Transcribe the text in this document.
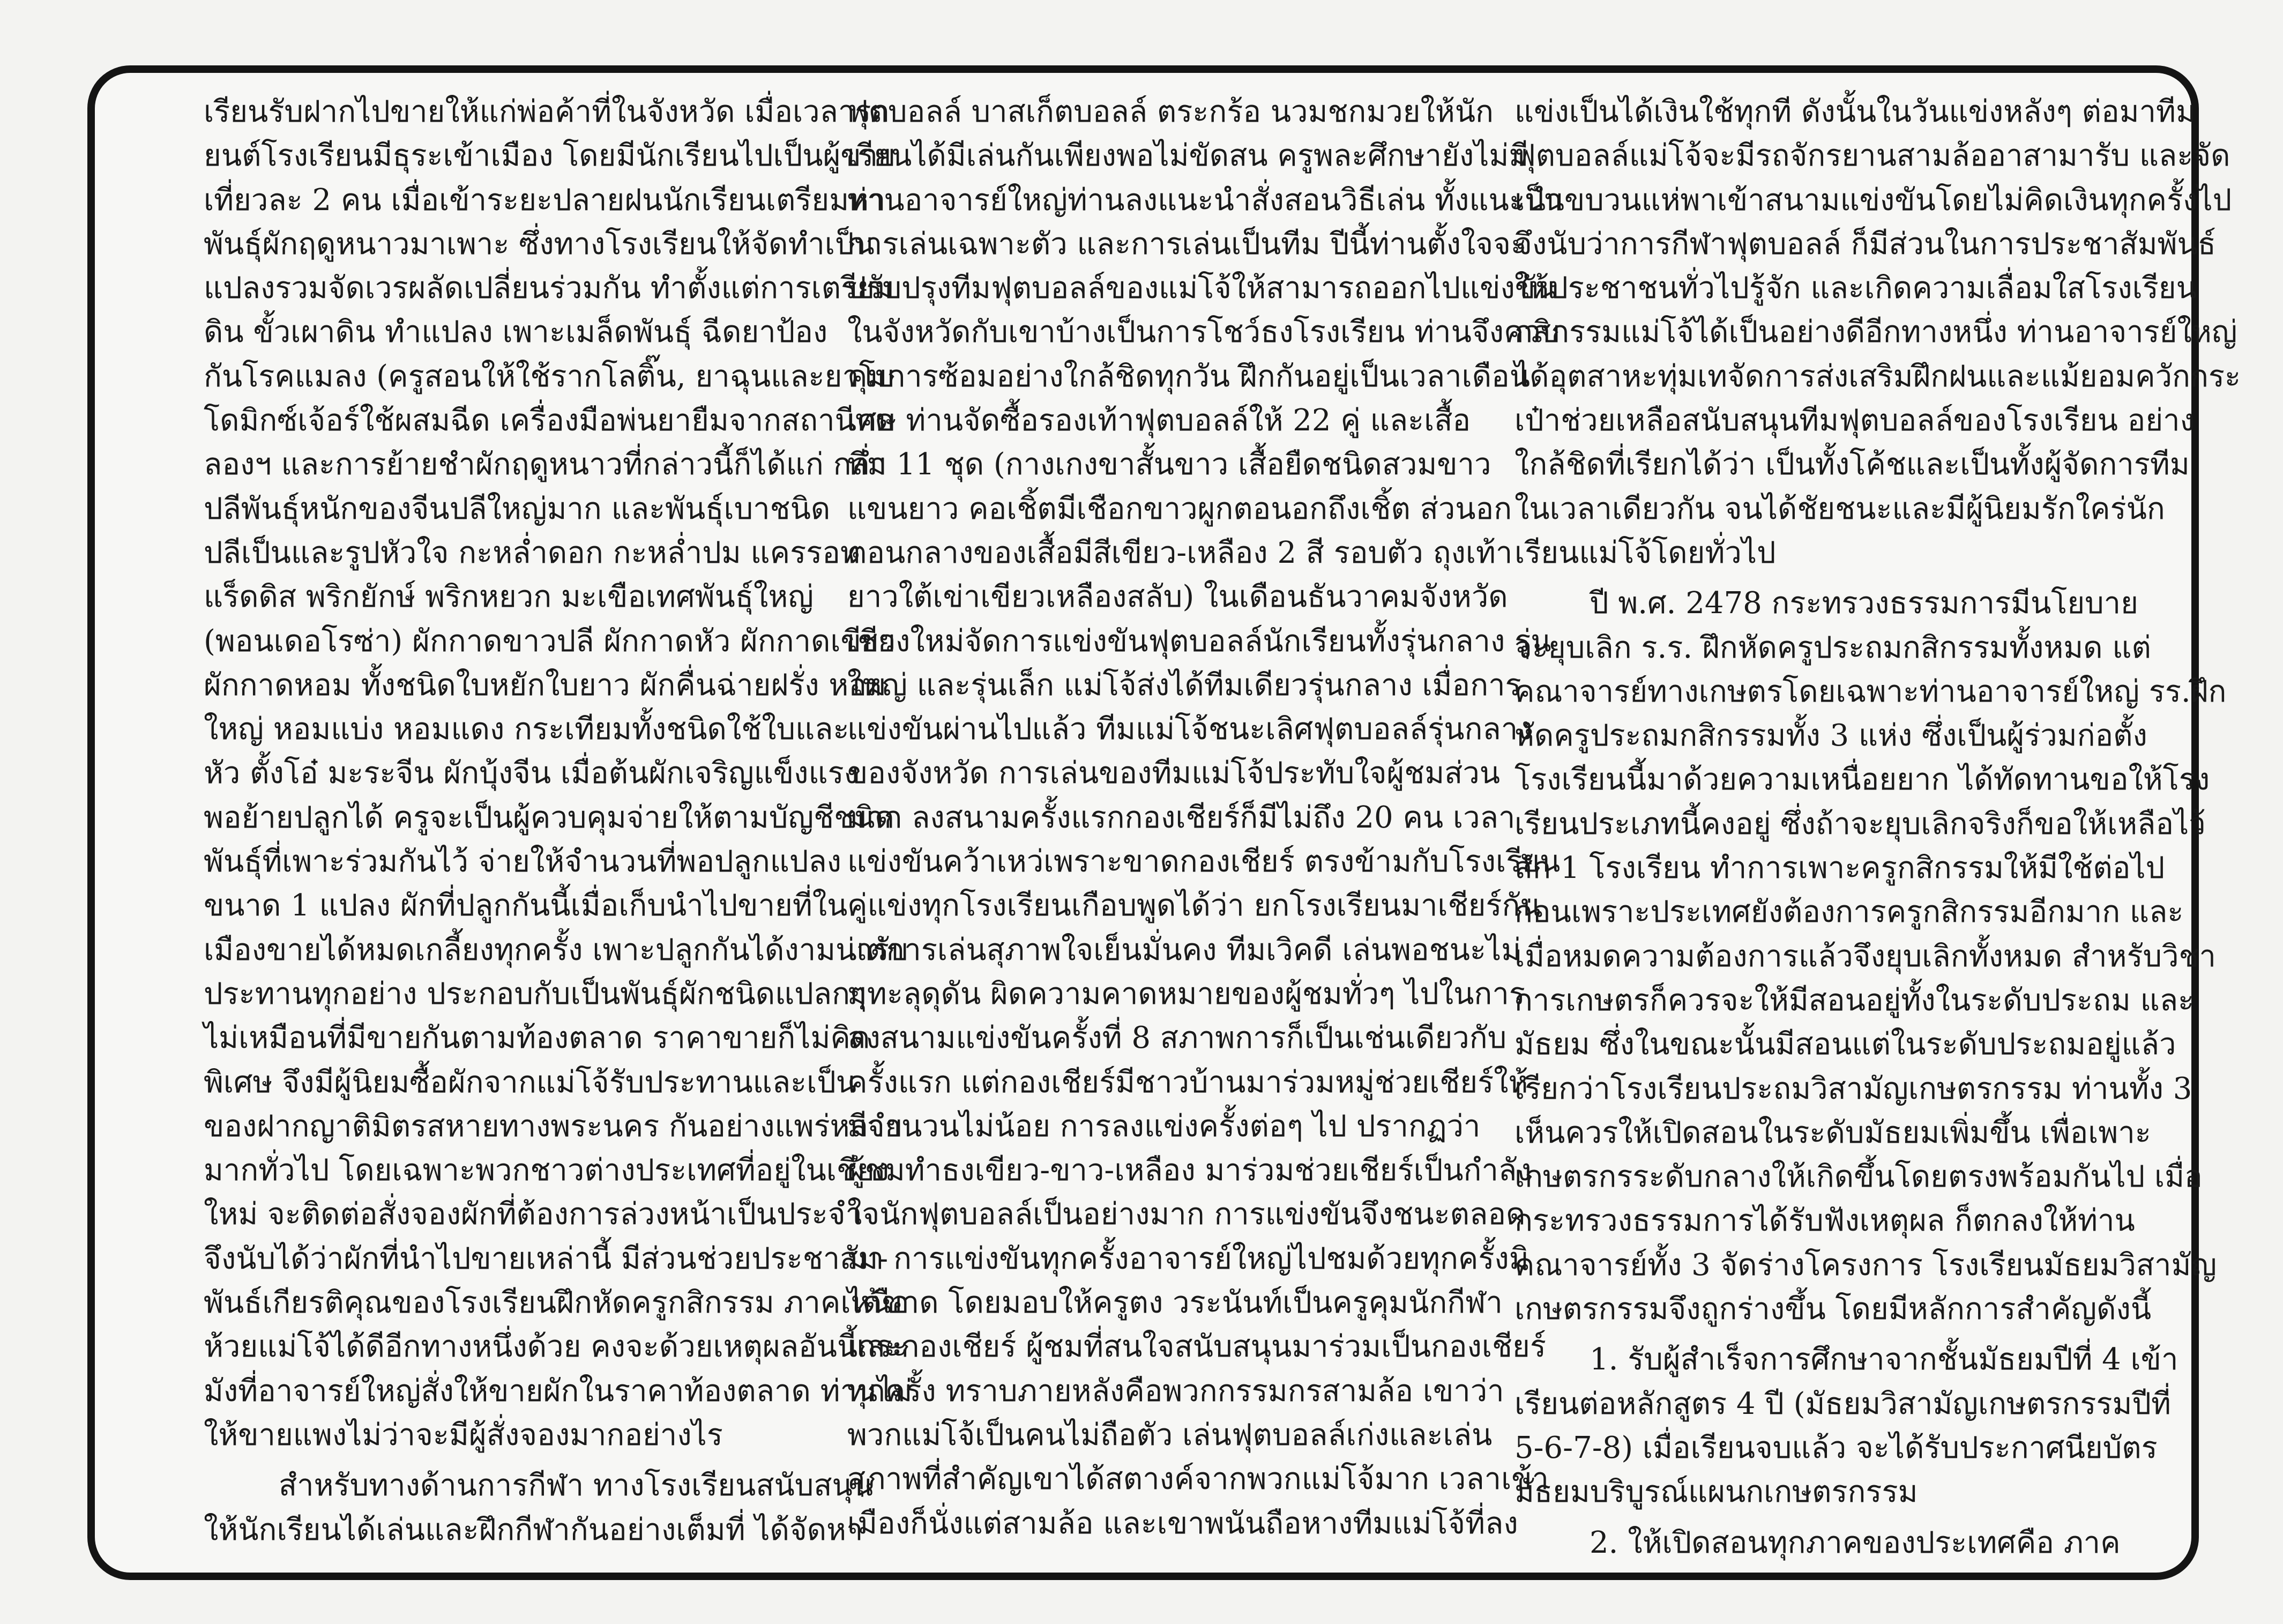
เรียนรับฝากไปขายให้แก่พ่อค้าที่ในจังหวัด เมื่อเวลารถ
ยนต์โรงเรียนมีธุระเข้าเมือง โดยมีนักเรียนไปเป็นผู้ขาย
เที่ยวละ 2 คน เมื่อเข้าระยะปลายฝนนักเรียนเตรียมหา
พันธุ์ผักฤดูหนาวมาเพาะ ซึ่งทางโรงเรียนให้จัดทำเป็น
แปลงรวมจัดเวรผลัดเปลี่ยนร่วมกัน ทำตั้งแต่การเตรียม
ดิน ขั้วเผาดิน ทำแปลง เพาะเมล็ดพันธุ์ ฉีดยาป้อง
กันโรคแมลง (ครูสอนให้ใช้รากโลติ๊น, ยาฉุนและยาโบ
โดมิกซ์เจ้อร์ใช้ผสมฉีด เครื่องมือพ่นยายืมจากสถานีทด
ลองฯ และการย้ายชำผักฤดูหนาวที่กล่าวนี้ก็ได้แก่ กล่ำ
ปลีพันธุ์หนักของจีนปลีใหญ่มาก และพันธุ์เบาชนิด
ปลีเป็นและรูปหัวใจ กะหล่ำดอก กะหล่ำปม แครรอท
แร็ดดิส พริกยักษ์ พริกหยวก มะเขือเทศพันธุ์ใหญ่
(พอนเดอโรซ่า) ผักกาดขาวปลี ผักกาดหัว ผักกาดเขียว
ผักกาดหอม ทั้งชนิดใบหยักใบยาว ผักคื่นฉ่ายฝรั่ง หอม
ใหญ่ หอมแบ่ง หอมแดง กระเทียมทั้งชนิดใช้ใบและ
หัว ตั้งโอ๋ มะระจีน ผักบุ้งจีน เมื่อต้นผักเจริญแข็งแรง
พอย้ายปลูกได้ ครูจะเป็นผู้ควบคุมจ่ายให้ตามบัญชีชนิด
พันธุ์ที่เพาะร่วมกันไว้ จ่ายให้จำนวนที่พอปลูกแปลง
ขนาด 1 แปลง ผักที่ปลูกกันนี้เมื่อเก็บนำไปขายที่ใน
เมืองขายได้หมดเกลี้ยงทุกครั้ง เพาะปลูกกันได้งามน่ารับ
ประทานทุกอย่าง ประกอบกับเป็นพันธุ์ผักชนิดแปลกๆ
ไม่เหมือนที่มีขายกันตามท้องตลาด ราคาขายก็ไม่คิด
พิเศษ จึงมีผู้นิยมซื้อผักจากแม่โจ้รับประทานและเป็น
ของฝากญาติมิตรสหายทางพระนคร กันอย่างแพร่หลาย
มากทั่วไป โดยเฉพาะพวกชาวต่างประเทศที่อยู่ในเชียง
ใหม่ จะติดต่อสั่งจองผักที่ต้องการล่วงหน้าเป็นประจำ
จึงนับได้ว่าผักที่นำไปขายเหล่านี้ มีส่วนช่วยประชาสัม-
พันธ์เกียรติคุณของโรงเรียนฝึกหัดครูกสิกรรม ภาคเหนือ
ห้วยแม่โจ้ได้ดีอีกทางหนึ่งด้วย คงจะด้วยเหตุผลอันนี้กระ
มังที่อาจารย์ใหญ่สั่งให้ขายผักในราคาท้องตลาด ท่านไม่
ให้ขายแพงไม่ว่าจะมีผู้สั่งจองมากอย่างไร
สำหรับทางด้านการกีฬา ทางโรงเรียนสนับสนุน
ให้นักเรียนได้เล่นและฝึกกีฬากันอย่างเต็มที่ ได้จัดหา
ฟุตบอลล์ บาสเก็ตบอลล์ ตระกร้อ นวมชกมวยให้นัก
เรียนได้มีเล่นกันเพียงพอไม่ขัดสน ครูพละศึกษายังไม่มี
ท่านอาจารย์ใหญ่ท่านลงแนะนำสั่งสอนวิธีเล่น ทั้งแนะนำ
การเล่นเฉพาะตัว และการเล่นเป็นทีม ปีนี้ท่านตั้งใจจะ
ปรับปรุงทีมฟุตบอลล์ของแม่โจ้ให้สามารถออกไปแข่งขัน
ในจังหวัดกับเขาบ้างเป็นการโชว์ธงโรงเรียน ท่านจึงควบ
คุมการซ้อมอย่างใกล้ชิดทุกวัน ฝึกกันอยู่เป็นเวลาเดือน
เศษ ท่านจัดซื้อรองเท้าฟุตบอลล์ให้ 22 คู่ และเสื้อ
ทีม 11 ชุด (กางเกงขาสั้นขาว เสื้อยืดชนิดสวมขาว
แขนยาว คอเชิ้ตมีเชือกขาวผูกตอนอกถึงเชิ้ต ส่วนอก
ตอนกลางของเสื้อมีสีเขียว-เหลือง 2 สี รอบตัว ถุงเท้า
ยาวใต้เข่าเขียวเหลืองสลับ) ในเดือนธันวาคมจังหวัด
เชียงใหม่จัดการแข่งขันฟุตบอลล์นักเรียนทั้งรุ่นกลาง รุ่น
ใหญ่ และรุ่นเล็ก แม่โจ้ส่งได้ทีมเดียวรุ่นกลาง เมื่อการ
แข่งขันผ่านไปแล้ว ทีมแม่โจ้ชนะเลิศฟุตบอลล์รุ่นกลาง
ของจังหวัด การเล่นของทีมแม่โจ้ประทับใจผู้ชมส่วน
มาก ลงสนามครั้งแรกกองเชียร์ก็มีไม่ถึง 20 คน เวลา
แข่งขันคว้าเหว่เพราะขาดกองเชียร์ ตรงข้ามกับโรงเรียน
คู่แข่งทุกโรงเรียนเกือบพูดได้ว่า ยกโรงเรียนมาเชียร์กัน
แต่การเล่นสุภาพใจเย็นมั่นคง ทีมเวิคดี เล่นพอชนะไม่
มุทะลุดุดัน ผิดความคาดหมายของผู้ชมทั่วๆ ไปในการ
ลงสนามแข่งขันครั้งที่ 8 สภาพการก็เป็นเช่นเดียวกับ
ครั้งแรก แต่กองเชียร์มีชาวบ้านมาร่วมหมู่ช่วยเชียร์ให้
มีจำนวนไม่น้อย การลงแข่งครั้งต่อๆ ไป ปรากฏว่า
ผู้ชมทำธงเขียว-ขาว-เหลือง มาร่วมช่วยเชียร์เป็นกำลัง
ใจนักฟุตบอลล์เป็นอย่างมาก การแข่งขันจึงชนะตลอด
มา การแข่งขันทุกครั้งอาจารย์ใหญ่ไปชมด้วยทุกครั้งมิ
ได้ขาด โดยมอบให้ครูตง วระนันท์เป็นครูคุมนักกีฬา
และกองเชียร์ ผู้ชมที่สนใจสนับสนุนมาร่วมเป็นกองเชียร์
ทุกครั้ง ทราบภายหลังคือพวกกรรมกรสามล้อ เขาว่า
พวกแม่โจ้เป็นคนไม่ถือตัว เล่นฟุตบอลล์เก่งและเล่น
สุภาพที่สำคัญเขาได้สตางค์จากพวกแม่โจ้มาก เวลาเข้า
เมืองก็นั่งแต่สามล้อ และเขาพนันถือหางทีมแม่โจ้ที่ลง
แข่งเป็นได้เงินใช้ทุกที ดังนั้นในวันแข่งหลังๆ ต่อมาทีม
ฟุตบอลล์แม่โจ้จะมีรถจักรยานสามล้ออาสามารับ และจัด
เป็นขบวนแห่พาเข้าสนามแข่งขันโดยไม่คิดเงินทุกครั้งไป
จึงนับว่าการกีฬาฟุตบอลล์ ก็มีส่วนในการประชาสัมพันธ์
ให้ประชาชนทั่วไปรู้จัก และเกิดความเลื่อมใสโรงเรียน
กสิกรรมแม่โจ้ได้เป็นอย่างดีอีกทางหนึ่ง ท่านอาจารย์ใหญ่
ได้อุตสาหะทุ่มเทจัดการส่งเสริมฝึกฝนและแม้ยอมควักกระ
เป๋าช่วยเหลือสนับสนุนทีมฟุตบอลล์ของโรงเรียน อย่าง
ใกล้ชิดที่เรียกได้ว่า เป็นทั้งโค้ชและเป็นทั้งผู้จัดการทีม
ในเวลาเดียวกัน จนได้ชัยชนะและมีผู้นิยมรักใคร่นัก
เรียนแม่โจ้โดยทั่วไป
ปี พ.ศ. 2478 กระทรวงธรรมการมีนโยบาย
จะยุบเลิก ร.ร. ฝึกหัดครูประถมกสิกรรมทั้งหมด แต่
คณาจารย์ทางเกษตรโดยเฉพาะท่านอาจารย์ใหญ่ รร.ฝึก
หัดครูประถมกสิกรรมทั้ง 3 แห่ง ซึ่งเป็นผู้ร่วมก่อตั้ง
โรงเรียนนี้มาด้วยความเหนื่อยยาก ได้ทัดทานขอให้โรง
เรียนประเภทนี้คงอยู่ ซึ่งถ้าจะยุบเลิกจริงก็ขอให้เหลือไว้
สัก 1 โรงเรียน ทำการเพาะครูกสิกรรมให้มีใช้ต่อไป
ก่อนเพราะประเทศยังต้องการครูกสิกรรมอีกมาก และ
เมื่อหมดความต้องการแล้วจึงยุบเลิกทั้งหมด สำหรับวิชา
การเกษตรก็ควรจะให้มีสอนอยู่ทั้งในระดับประถม และ
มัธยม ซึ่งในขณะนั้นมีสอนแต่ในระดับประถมอยู่แล้ว
เรียกว่าโรงเรียนประถมวิสามัญเกษตรกรรม ท่านทั้ง 3
เห็นควรให้เปิดสอนในระดับมัธยมเพิ่มขึ้น เพื่อเพาะ
เกษตรกรระดับกลางให้เกิดขึ้นโดยตรงพร้อมกันไป เมื่อ
กระทรวงธรรมการได้รับฟังเหตุผล ก็ตกลงให้ท่าน
คณาจารย์ทั้ง 3 จัดร่างโครงการ โรงเรียนมัธยมวิสามัญ
เกษตรกรรมจึงถูกร่างขึ้น โดยมีหลักการสำคัญดังนี้
1. รับผู้สำเร็จการศึกษาจากชั้นมัธยมปีที่ 4 เข้า
เรียนต่อหลักสูตร 4 ปี (มัธยมวิสามัญเกษตรกรรมปีที่
5-6-7-8) เมื่อเรียนจบแล้ว จะได้รับประกาศนียบัตร
มัธยมบริบูรณ์แผนกเกษตรกรรม
2. ให้เปิดสอนทุกภาคของประเทศคือ ภาค
